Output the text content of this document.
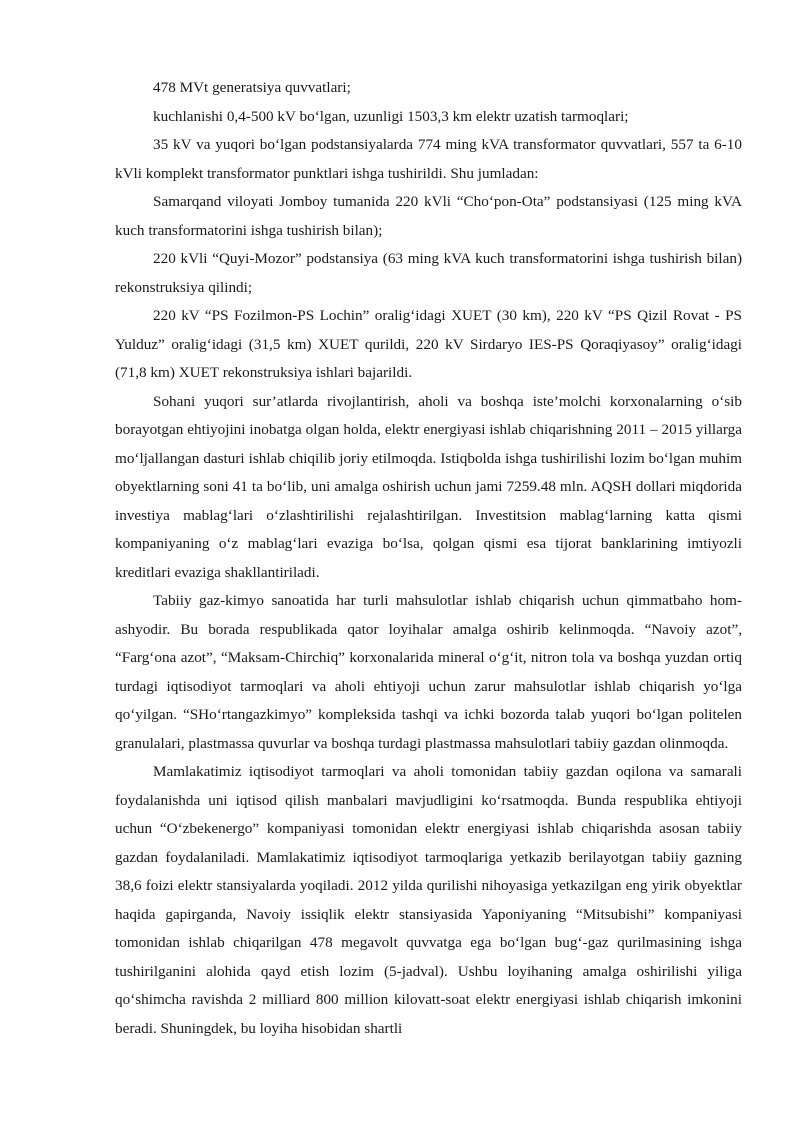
478 MVt generatsiya quvvatlari;

kuchlanishi 0,4-500 kV bo‘lgan, uzunligi 1503,3 km elektr uzatish tarmoqlari;

35 kV va yuqori bo‘lgan podstansiyalarda 774 ming kVA transformator quvvatlari, 557 ta 6-10 kVli komplekt transformator punktlari ishga tushirildi. Shu jumladan:

Samarqand viloyati Jomboy tumanida 220 kVli “Cho‘pon-Ota” podstansiyasi (125 ming kVA kuch transformatorini ishga tushirish bilan);

220 kVli “Quyi-Mozor” podstansiya (63 ming kVA kuch transformatorini ishga tushirish bilan) rekonstruksiya qilindi;

220 kV “PS Fozilmon-PS Lochin” oralig‘idagi XUET (30 km), 220 kV “PS Qizil Rovat - PS Yulduz” oralig‘idagi (31,5 km) XUET qurildi, 220 kV Sirdaryo IES-PS Qoraqiyasoy” oralig‘idagi (71,8 km) XUET rekonstruksiya ishlari bajarildi.

Sohani yuqori sur’atlarda rivojlantirish, aholi va boshqa iste’molchi korxonalarning o‘sib borayotgan ehtiyojini inobatga olgan holda, elektr energiyasi ishlab chiqarishning 2011 – 2015 yillarga mo‘ljallangan dasturi ishlab chiqilib joriy etilmoqda. Istiqbolda ishga tushirilishi lozim bo‘lgan muhim obyektlarning soni 41 ta bo‘lib, uni amalga oshirish uchun jami 7259.48 mln. AQSH dollari miqdorida investiya mablag‘lari o‘zlashtirilishi rejalashtirilgan. Investitsion mablag‘larning katta qismi kompaniyaning o‘z mablag‘lari evaziga bo‘lsa, qolgan qismi esa tijorat banklarining imtiyozli kreditlari evaziga shakllantiriladi.

Tabiiy gaz-kimyo sanoatida har turli mahsulotlar ishlab chiqarish uchun qimmatbaho hom-ashyodir. Bu borada respublikada qator loyihalar amalga oshirib kelinmoqda. “Navoiy azot”, “Farg‘ona azot”, “Maksam-Chirchiq” korxonalarida mineral o‘g‘it, nitron tola va boshqa yuzdan ortiq turdagi iqtisodiyot tarmoqlari va aholi ehtiyoji uchun zarur mahsulotlar ishlab chiqarish yo‘lga qo‘yilgan. “SHo‘rtangazkimyo” kompleksida tashqi va ichki bozorda talab yuqori bo‘lgan politelen granulalari, plastmassa quvurlar va boshqa turdagi plastmassa mahsulotlari tabiiy gazdan olinmoqda.

Mamlakatimiz iqtisodiyot tarmoqlari va aholi tomonidan tabiiy gazdan oqilona va samarali foydalanishda uni iqtisod qilish manbalari mavjudligini ko‘rsatmoqda. Bunda respublika ehtiyoji uchun “O‘zbekenergo” kompaniyasi tomonidan elektr energiyasi ishlab chiqarishda asosan tabiiy gazdan foydalaniladi. Mamlakatimiz iqtisodiyot tarmoqlariga yetkazib berilayotgan tabiiy gazning 38,6 foizi elektr stansiyalarda yoqiladi. 2012 yilda qurilishi nihoyasiga yetkazilgan eng yirik obyektlar haqida gapirganda, Navoiy issiqlik elektr stansiyasida Yaponiyaning “Mitsubishi” kompaniyasi tomonidan ishlab chiqarilgan 478 megavolt quvvatga ega bo‘lgan bug‘-gaz qurilmasining ishga tushirilganini alohida qayd etish lozim (5-jadval). Ushbu loyihaning amalga oshirilishi yiliga qo‘shimcha ravishda 2 milliard 800 million kilovatt-soat elektr energiyasi ishlab chiqarish imkonini beradi. Shuningdek, bu loyiha hisobidan shartli
